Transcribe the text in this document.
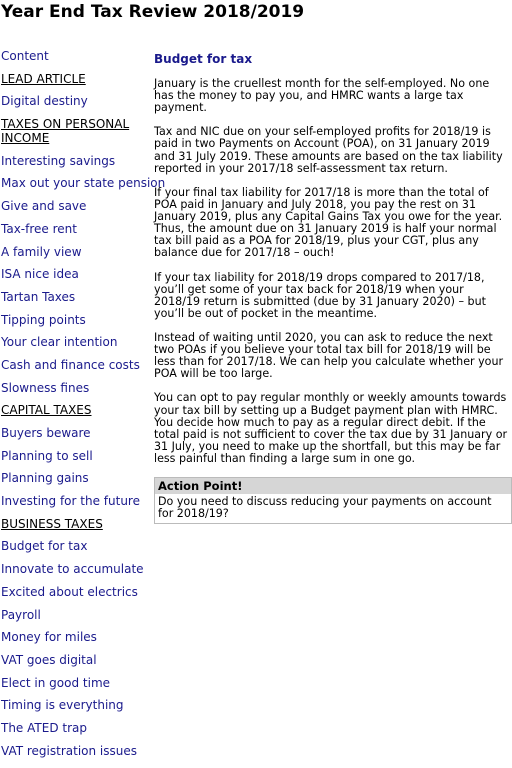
Year End Tax Review 2018/2019
Content
LEAD ARTICLE
Digital destiny
TAXES ON PERSONAL INCOME
Interesting savings
Max out your state pension
Give and save
Tax-free rent
A family view
ISA nice idea
Tartan Taxes
Tipping points
Your clear intention
Cash and finance costs
Slowness fines
CAPITAL TAXES
Buyers beware
Planning to sell
Planning gains
Investing for the future
BUSINESS TAXES
Budget for tax
Innovate to accumulate
Excited about electrics
Payroll
Money for miles
VAT goes digital
Elect in good time
Timing is everything
The ATED trap
VAT registration issues
Budget for tax

January is the cruellest month for the self-employed. No one has the money to pay you, and HMRC wants a large tax payment.

Tax and NIC due on your self-employed profits for 2018/19 is paid in two Payments on Account (POA), on 31 January 2019 and 31 July 2019. These amounts are based on the tax liability reported in your 2017/18 self-assessment tax return.

If your final tax liability for 2017/18 is more than the total of POA paid in January and July 2018, you pay the rest on 31 January 2019, plus any Capital Gains Tax you owe for the year. Thus, the amount due on 31 January 2019 is half your normal tax bill paid as a POA for 2018/19, plus your CGT, plus any balance due for 2017/18 – ouch!

If your tax liability for 2018/19 drops compared to 2017/18, you’ll get some of your tax back for 2018/19 when your 2018/19 return is submitted (due by 31 January 2020) – but you’ll be out of pocket in the meantime.

Instead of waiting until 2020, you can ask to reduce the next two POAs if you believe your total tax bill for 2018/19 will be less than for 2017/18. We can help you calculate whether your POA will be too large.

You can opt to pay regular monthly or weekly amounts towards your tax bill by setting up a Budget payment plan with HMRC. You decide how much to pay as a regular direct debit. If the total paid is not sufficient to cover the tax due by 31 January or 31 July, you need to make up the shortfall, but this may be far less painful than finding a large sum in one go.

Action Point!
Do you need to discuss reducing your payments on account for 2018/19?
